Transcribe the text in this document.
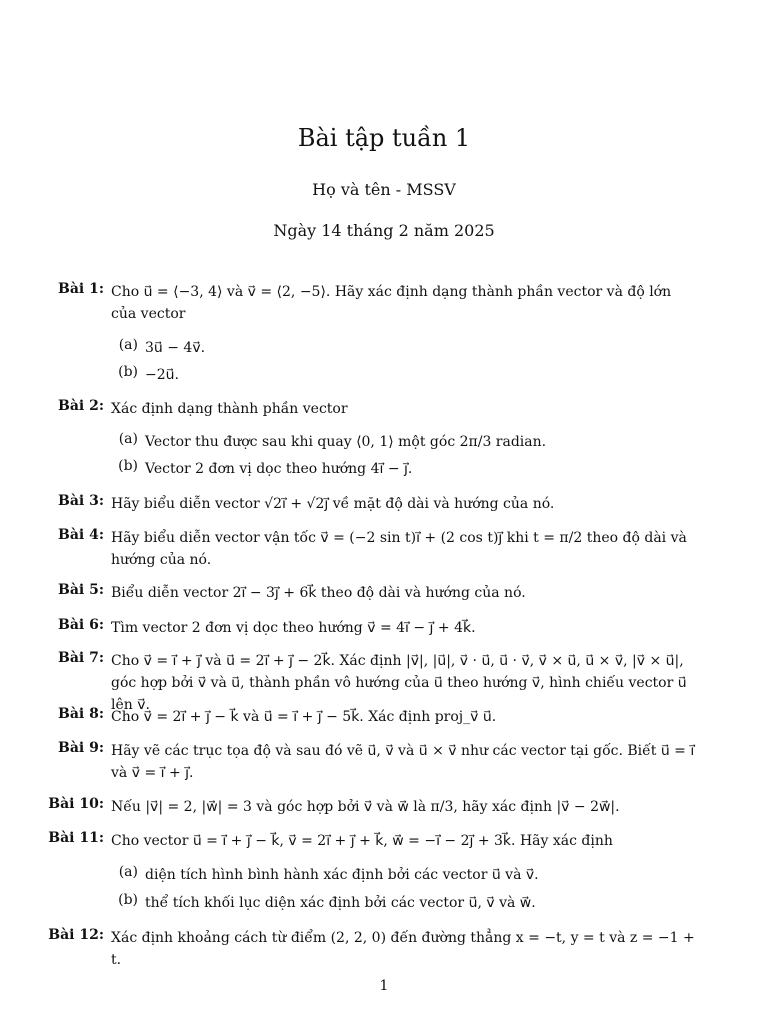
Bài tập tuần 1
Họ và tên - MSSV
Ngày 14 tháng 2 năm 2025
Bài 1: Cho u⃗ = ⟨−3, 4⟩ và v⃗ = ⟨2, −5⟩. Hãy xác định dạng thành phần vector và độ lớn của vector
(a) 3u⃗ − 4v⃗.
(b) −2u⃗.
Bài 2: Xác định dạng thành phần vector
(a) Vector thu được sau khi quay ⟨0, 1⟩ một góc 2π/3 radian.
(b) Vector 2 đơn vị dọc theo hướng 4i⃗ − j⃗.
Bài 3: Hãy biểu diễn vector √2i⃗ + √2j⃗ về mặt độ dài và hướng của nó.
Bài 4: Hãy biểu diễn vector vận tốc v⃗ = (−2 sin t)i⃗ + (2 cos t)j⃗ khi t = π/2 theo độ dài và hướng của nó.
Bài 5: Biểu diễn vector 2i⃗ − 3j⃗ + 6k⃗ theo độ dài và hướng của nó.
Bài 6: Tìm vector 2 đơn vị dọc theo hướng v⃗ = 4i⃗ − j⃗ + 4k⃗.
Bài 7: Cho v⃗ = i⃗ + j⃗ và u⃗ = 2i⃗ + j⃗ − 2k⃗. Xác định |v⃗|, |u⃗|, v⃗ · u⃗, u⃗ · v⃗, v⃗ × u⃗, u⃗ × v⃗, |v⃗ × u⃗|, góc hợp bởi v⃗ và u⃗, thành phần vô hướng của u⃗ theo hướng v⃗, hình chiếu vector u⃗ lên v⃗.
Bài 8: Cho v⃗ = 2i⃗ + j⃗ − k⃗ và u⃗ = i⃗ + j⃗ − 5k⃗. Xác định proj_v⃗ u⃗.
Bài 9: Hãy vẽ các trục tọa độ và sau đó vẽ u⃗, v⃗ và u⃗ × v⃗ như các vector tại gốc. Biết u⃗ = i⃗ và v⃗ = i⃗ + j⃗.
Bài 10: Nếu |v⃗| = 2, |w⃗| = 3 và góc hợp bởi v⃗ và w⃗ là π/3, hãy xác định |v⃗ − 2w⃗|.
Bài 11: Cho vector u⃗ = i⃗ + j⃗ − k⃗, v⃗ = 2i⃗ + j⃗ + k⃗, w⃗ = −i⃗ − 2j⃗ + 3k⃗. Hãy xác định
(a) diện tích hình bình hành xác định bởi các vector u⃗ và v⃗.
(b) thể tích khối lục diện xác định bởi các vector u⃗, v⃗ và w⃗.
Bài 12: Xác định khoảng cách từ điểm (2, 2, 0) đến đường thẳng x = −t, y = t và z = −1 + t.
1
